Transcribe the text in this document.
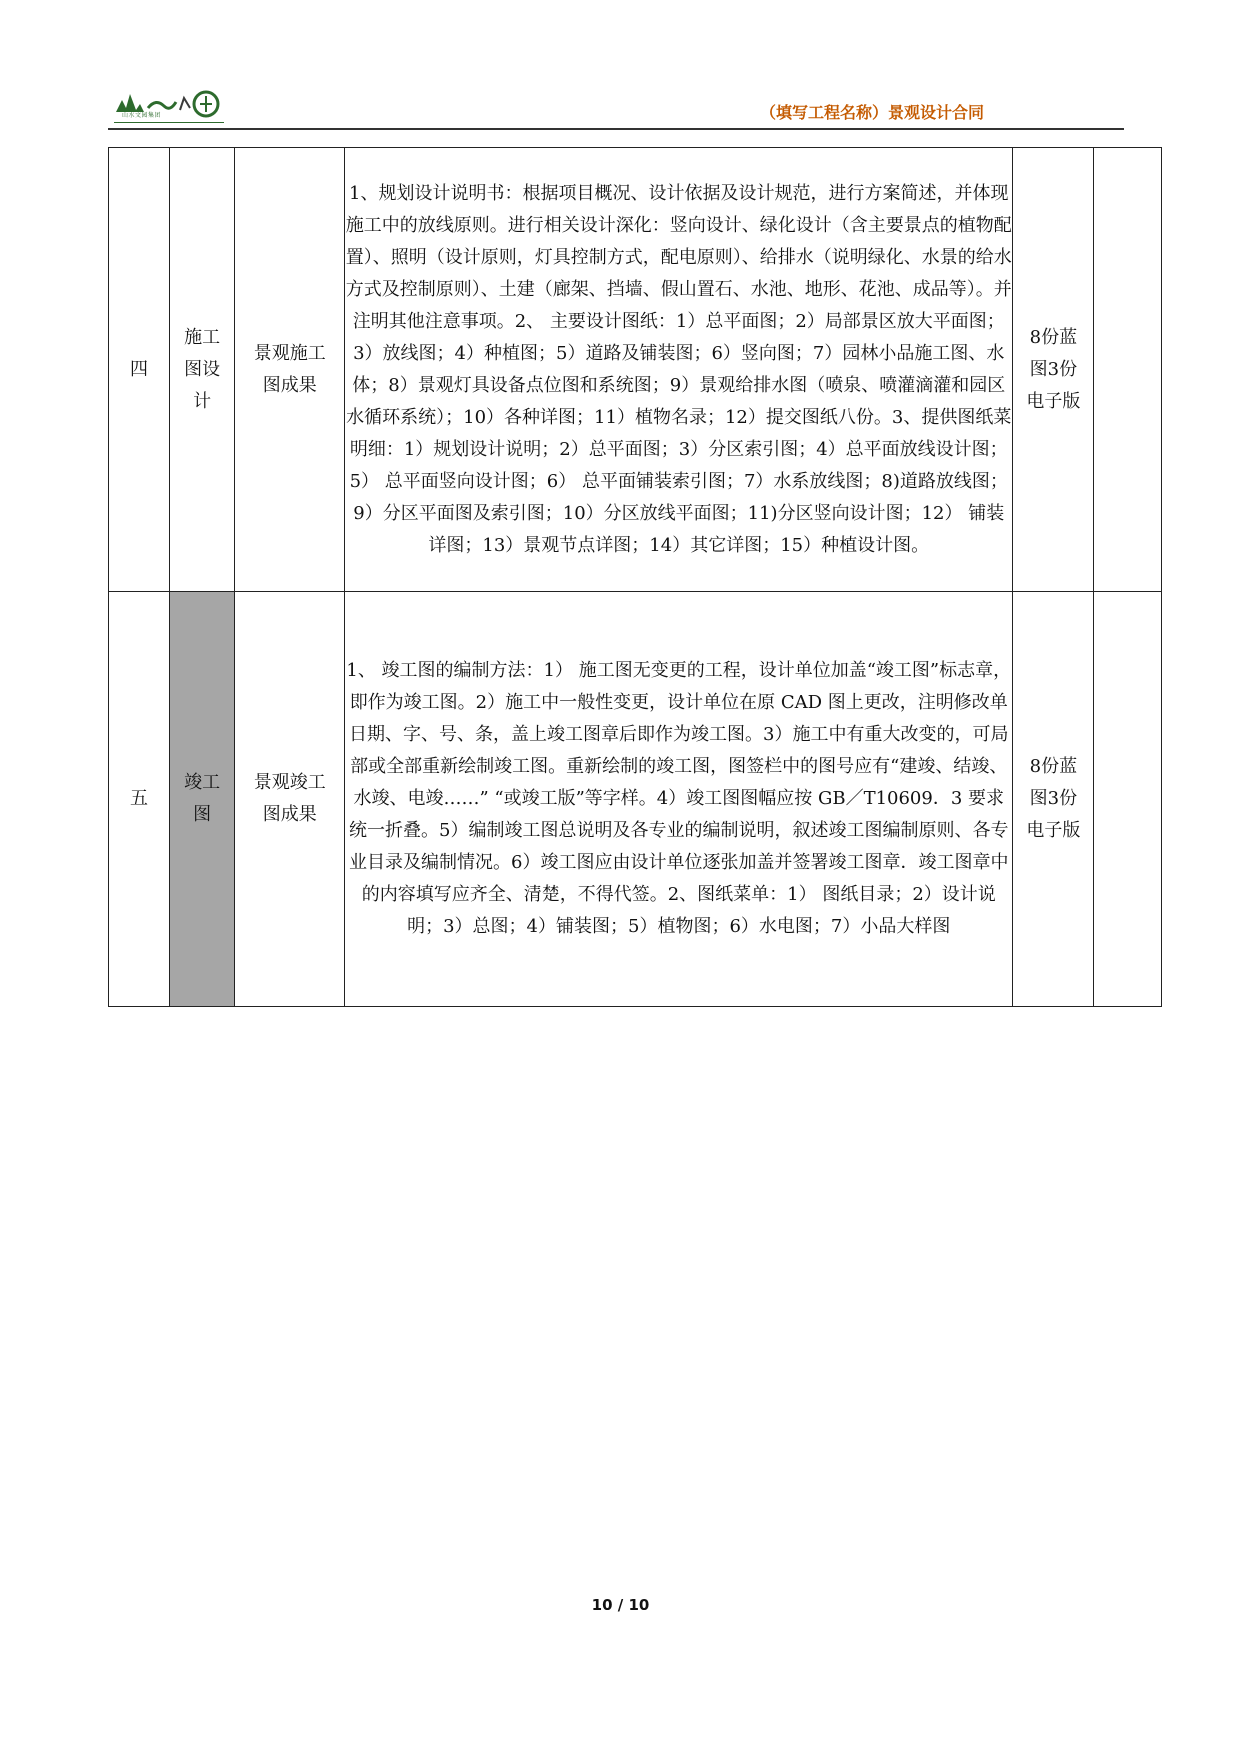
山水文园集团	（填写工程名称）景观设计合同
四	施工图设计	景观施工图成果	1、规划设计说明书：根据项目概况、设计依据及设计规范，进行方案简述，并体现施工中的放线原则。进行相关设计深化：竖向设计、绿化设计（含主要景点的植物配置）、照明（设计原则，灯具控制方式，配电原则）、给排水（说明绿化、水景的给水方式及控制原则）、土建（廊架、挡墙、假山置石、水池、地形、花池、成品等）。并注明其他注意事项。2、 主要设计图纸：1）总平面图；2）局部景区放大平面图；3）放线图；4）种植图；5）道路及铺装图；6）竖向图；7）园林小品施工图、水体；8）景观灯具设备点位图和系统图；9）景观给排水图（喷泉、喷灌滴灌和园区水循环系统）；10）各种详图；11）植物名录；12）提交图纸八份。3、提供图纸菜明细：1）规划设计说明；2）总平面图；3）分区索引图；4）总平面放线设计图；5） 总平面竖向设计图；6） 总平面铺装索引图；7）水系放线图；8)道路放线图；9）分区平面图及索引图；10）分区放线平面图；11)分区竖向设计图；12） 铺装详图；13）景观节点详图；14）其它详图；15）种植设计图。	8份蓝图3份电子版	

五	竣工图	景观竣工图成果	1、 竣工图的编制方法：1） 施工图无变更的工程，设计单位加盖“竣工图”标志章，即作为竣工图。2）施工中一般性变更，设计单位在原 CAD 图上更改，注明修改单日期、字、号、条，盖上竣工图章后即作为竣工图。3）施工中有重大改变的，可局部或全部重新绘制竣工图。重新绘制的竣工图，图签栏中的图号应有“建竣、结竣、水竣、电竣……” “或竣工版”等字样。4）竣工图图幅应按 GB／T10609．3 要求统一折叠。5）编制竣工图总说明及各专业的编制说明，叙述竣工图编制原则、各专业目录及编制情况。6）竣工图应由设计单位逐张加盖并签署竣工图章．竣工图章中的内容填写应齐全、清楚，不得代签。2、图纸菜单：1） 图纸目录；2）设计说明；3）总图；4）铺装图；5）植物图；6）水电图；7）小品大样图	8份蓝图3份电子版	

10 / 10
